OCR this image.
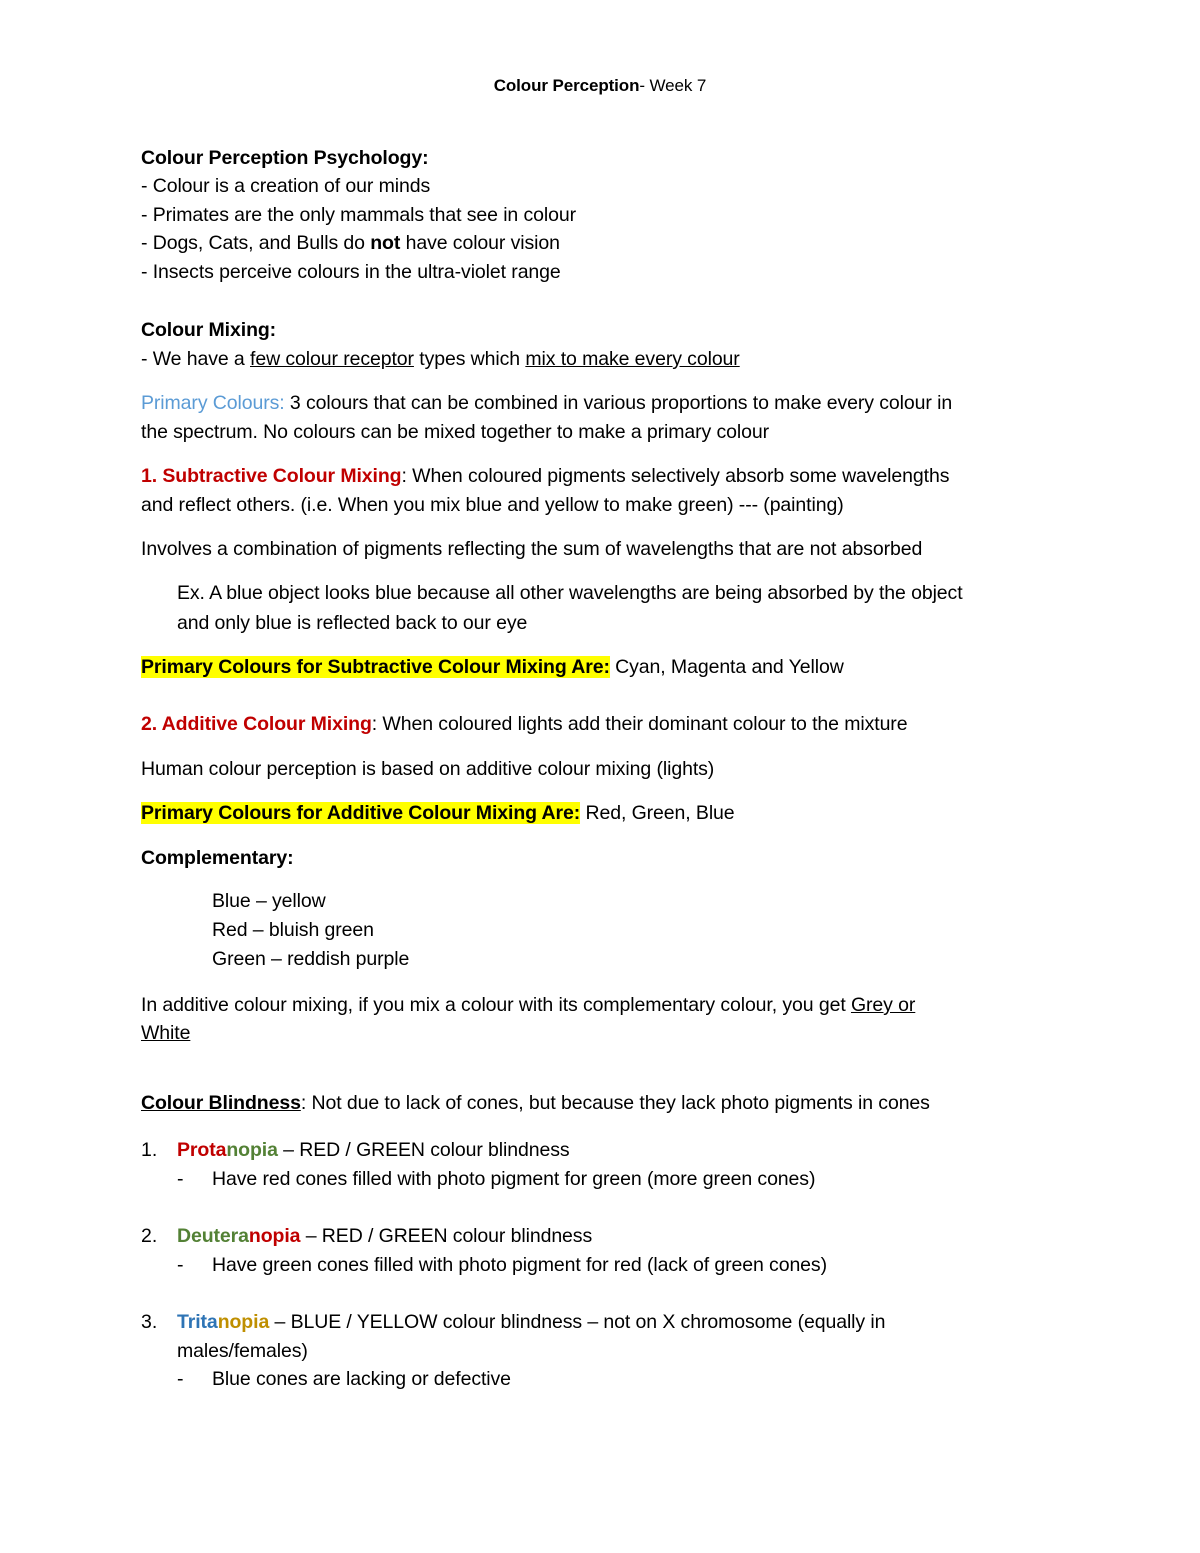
Colour Perception- Week 7
Colour Perception Psychology:
- Colour is a creation of our minds
- Primates are the only mammals that see in colour
- Dogs, Cats, and Bulls do not have colour vision
- Insects perceive colours in the ultra-violet range
Colour Mixing:
- We have a few colour receptor types which mix to make every colour
Primary Colours: 3 colours that can be combined in various proportions to make every colour in
the spectrum. No colours can be mixed together to make a primary colour
1. Subtractive Colour Mixing: When coloured pigments selectively absorb some wavelengths
and reflect others. (i.e. When you mix blue and yellow to make green) --- (painting)
Involves a combination of pigments reflecting the sum of wavelengths that are not absorbed
Ex. A blue object looks blue because all other wavelengths are being absorbed by the object
and only blue is reflected back to our eye
Primary Colours for Subtractive Colour Mixing Are: Cyan, Magenta and Yellow
2. Additive Colour Mixing: When coloured lights add their dominant colour to the mixture
Human colour perception is based on additive colour mixing (lights)
Primary Colours for Additive Colour Mixing Are: Red, Green, Blue
Complementary:
Blue – yellow
Red – bluish green
Green – reddish purple
In additive colour mixing, if you mix a colour with its complementary colour, you get Grey or
White
Colour Blindness: Not due to lack of cones, but because they lack photo pigments in cones
1. Protanopia – RED / GREEN colour blindness
- Have red cones filled with photo pigment for green (more green cones)
2. Deuteranopia – RED / GREEN colour blindness
- Have green cones filled with photo pigment for red (lack of green cones)
3. Tritanopia – BLUE / YELLOW colour blindness – not on X chromosome (equally in
males/females)
- Blue cones are lacking or defective
